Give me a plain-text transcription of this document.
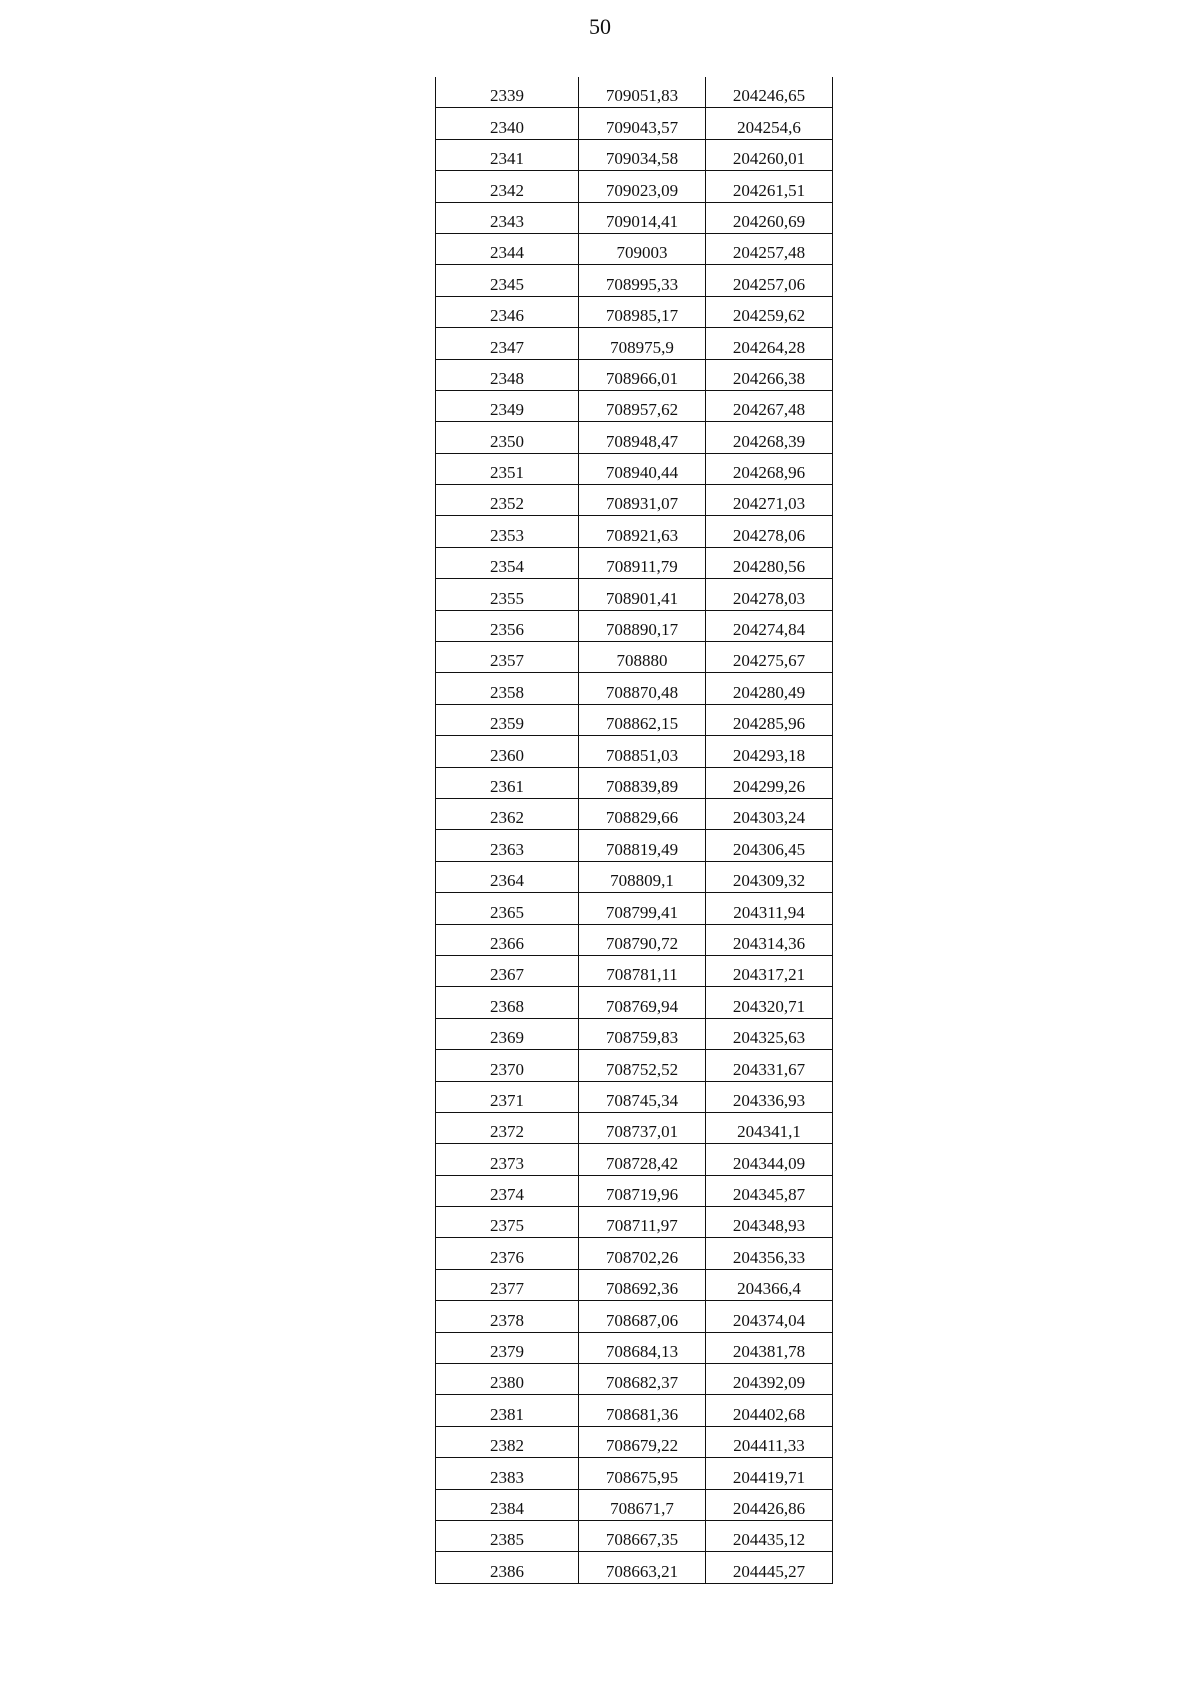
50
2339	709051,83	204246,65
2340	709043,57	204254,6
2341	709034,58	204260,01
2342	709023,09	204261,51
2343	709014,41	204260,69
2344	709003	204257,48
2345	708995,33	204257,06
2346	708985,17	204259,62
2347	708975,9	204264,28
2348	708966,01	204266,38
2349	708957,62	204267,48
2350	708948,47	204268,39
2351	708940,44	204268,96
2352	708931,07	204271,03
2353	708921,63	204278,06
2354	708911,79	204280,56
2355	708901,41	204278,03
2356	708890,17	204274,84
2357	708880	204275,67
2358	708870,48	204280,49
2359	708862,15	204285,96
2360	708851,03	204293,18
2361	708839,89	204299,26
2362	708829,66	204303,24
2363	708819,49	204306,45
2364	708809,1	204309,32
2365	708799,41	204311,94
2366	708790,72	204314,36
2367	708781,11	204317,21
2368	708769,94	204320,71
2369	708759,83	204325,63
2370	708752,52	204331,67
2371	708745,34	204336,93
2372	708737,01	204341,1
2373	708728,42	204344,09
2374	708719,96	204345,87
2375	708711,97	204348,93
2376	708702,26	204356,33
2377	708692,36	204366,4
2378	708687,06	204374,04
2379	708684,13	204381,78
2380	708682,37	204392,09
2381	708681,36	204402,68
2382	708679,22	204411,33
2383	708675,95	204419,71
2384	708671,7	204426,86
2385	708667,35	204435,12
2386	708663,21	204445,27
